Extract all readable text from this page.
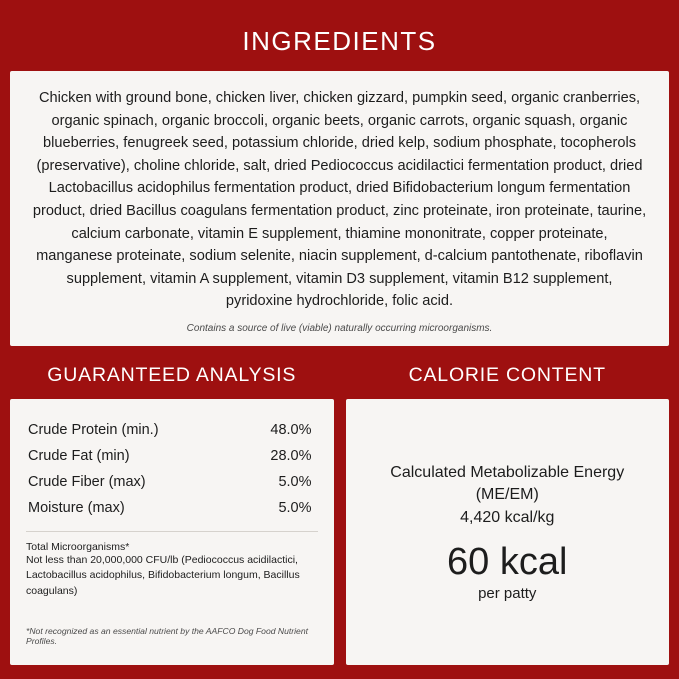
INGREDIENTS

Chicken with ground bone, chicken liver, chicken gizzard, pumpkin seed, organic cranberries, organic spinach, organic broccoli, organic beets, organic carrots, organic squash, organic blueberries, fenugreek seed, potassium chloride, dried kelp, sodium phosphate, tocopherols (preservative), choline chloride, salt, dried Pediococcus acidilactici fermentation product, dried Lactobacillus acidophilus fermentation product, dried Bifidobacterium longum fermentation product, dried Bacillus coagulans fermentation product, zinc proteinate, iron proteinate, taurine, calcium carbonate, vitamin E supplement, thiamine mononitrate, copper proteinate, manganese proteinate, sodium selenite, niacin supplement, d-calcium pantothenate, riboflavin supplement, vitamin A supplement, vitamin D3 supplement, vitamin B12 supplement, pyridoxine hydrochloride, folic acid.

Contains a source of live (viable) naturally occurring microorganisms.

GUARANTEED ANALYSIS
Crude Protein (min.)	48.0%
Crude Fat (min)	28.0%
Crude Fiber (max)	5.0%
Moisture (max)	5.0%

Total Microorganisms*

Not less than 20,000,000 CFU/lb (Pediococcus acidilactici, Lactobacillus acidophilus, Bifidobacterium longum, Bacillus coagulans)

*Not recognized as an essential nutrient by the AAFCO Dog Food Nutrient Profiles.

CALORIE CONTENT

Calculated Metabolizable Energy (ME/EM)

4,420 kcal/kg

60 kcal

per patty
